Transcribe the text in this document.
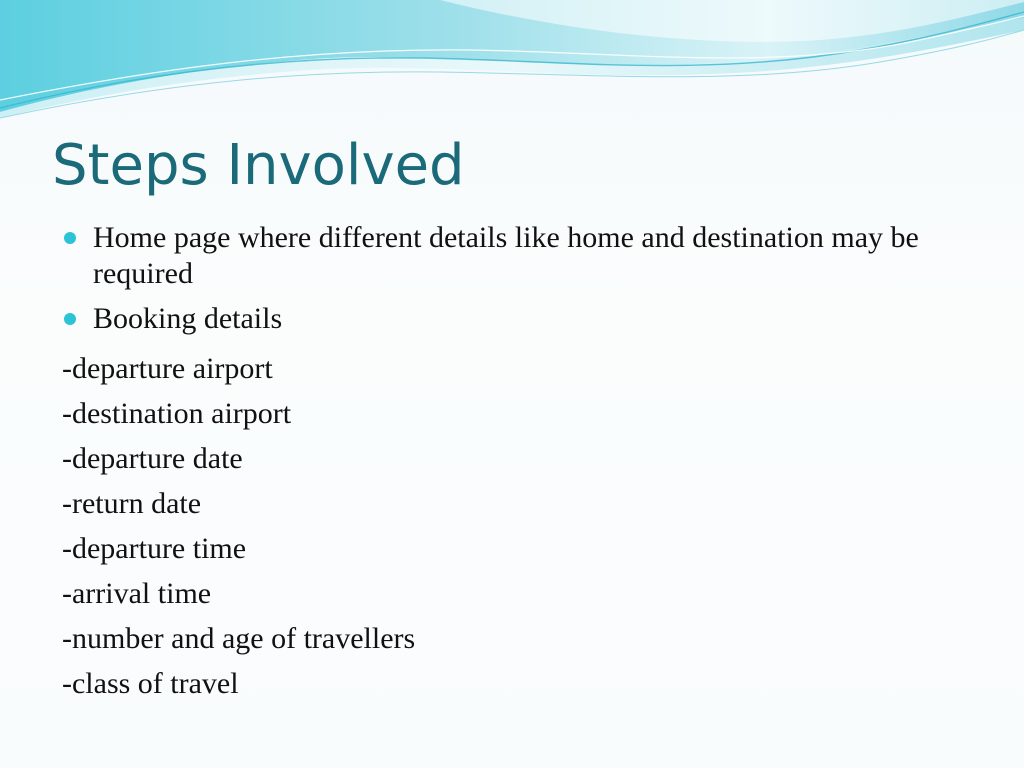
Steps Involved
Home page where different details like home and destination may be required
Booking details
-departure airport
-destination airport
-departure date
-return date
-departure time
-arrival time
-number and age of travellers
-class of travel
